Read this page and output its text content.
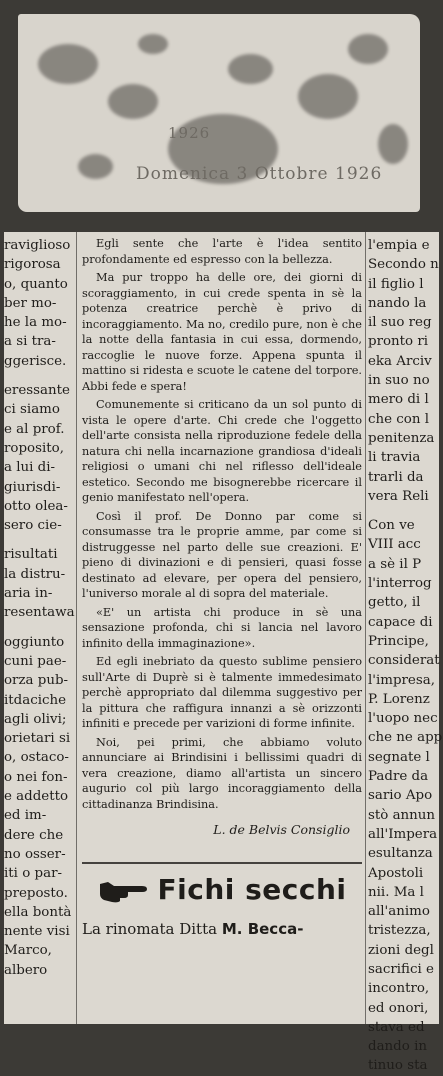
1926
Domenica 3 Ottobre 1926
raviglioso
rigorosa
o, quanto
ber mo-
he la mo-
a si tra-
ggerisce.
eressante
ci siamo
e al prof.
roposito,
a lui di-
giurisdi-
otto olea-
sero cie-
risultati
la distru-
aria in-
resentawa
oggiunto
cuni pae-
orza pub-
itdaciche
agli olivi;
orietari si
o, ostaco-
o nei fon-
e addetto
ed im-
dere che
no osser-
iti o par-
preposto.
ella bontà
nente visi
Marco,
albero

Egli sente che l'arte è l'idea sentito profondamente ed espresso con la bellezza.

Ma pur troppo ha delle ore, dei giorni di scoraggiamento, in cui crede spenta in sè la potenza creatrice perchè è privo di incoraggiamento. Ma no, credilo pure, non è che la notte della fantasia in cui essa, dormendo, raccoglie le nuove forze. Appena spunta il mattino si ridesta e scuote le catene del torpore. Abbi fede e spera!

Comunemente si criticano da un sol punto di vista le opere d'arte. Chi crede che l'oggetto dell'arte consista nella riproduzione fedele della natura chi nella incarnazione grandiosa d'ideali religiosi o umani chi nel riflesso dell'ideale estetico. Secondo me bisognerebbe ricercare il genio manifestato nell'opera.

Così il prof. De Donno par come si consumasse tra le proprie amme, par come si distruggesse nel parto delle sue creazioni. E' pieno di divinazioni e di pensieri, quasi fosse destinato ad elevare, per opera del pensiero, l'universo morale al di sopra del materiale.

«E' un artista chi produce in sè una sensazione profonda, chi si lancia nel lavoro infinito della immaginazione».

Ed egli inebriato da questo sublime pensiero sull'Arte di Duprè si è talmente immedesimato perchè appropriato dal dilemma suggestivo per la pittura che raffigura innanzi a sè orizzonti infiniti e precede per varizioni di forme infinite.

Noi, pei primi, che abbiamo voluto annunciare ai Brindisini i bellissimi quadri di vera creazione, diamo all'artista un sincero augurio col più largo incoraggiamento della cittadinanza Brindisina.

L. de Belvis Consiglio
Fichi secchi
La rinomata Ditta M. Becca-
l'empia e
Secondo n
il figlio l
nando la
il suo reg
pronto ri
eka Arciv
in suo no
mero di l
che con l
penitenza
li travia
trarli da
vera Reli
Con ve
VIII acc
a sè il P
l'interrog
getto, il
capace di
Principe,
considerat
l'impresa,
P. Lorenz
l'uopo nec
che ne app
segnate l
Padre da
sario Apo
stò annun
all'Impera
esultanza
Apostoli
nii. Ma l
all'animo
tristezza,
zioni degl
sacrifici e
incontro,
ed onori,
stava ed
dando in
tinuo sta
